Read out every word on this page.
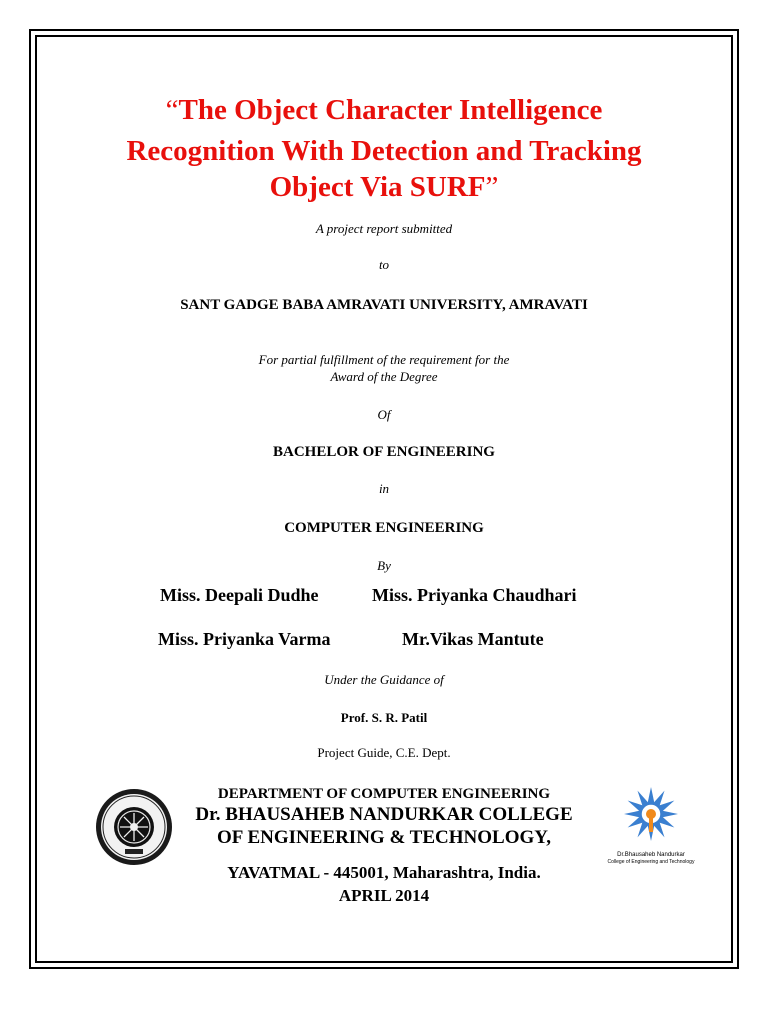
“The Object Character Intelligence
Recognition With Detection and Tracking
Object Via SURF”
A project report submitted
to
SANT GADGE BABA AMRAVATI UNIVERSITY, AMRAVATI
For partial fulfillment of the requirement for the
Award of the Degree
Of
BACHELOR OF ENGINEERING
in
COMPUTER ENGINEERING
By
Miss. Deepali Dudhe	Miss. Priyanka Chaudhari
Miss. Priyanka Varma	Mr.Vikas Mantute
Under the Guidance of
Prof. S. R. Patil
Project Guide, C.E. Dept.
DEPARTMENT OF COMPUTER ENGINEERING
Dr. BHAUSAHEB NANDURKAR COLLEGE
OF ENGINEERING & TECHNOLOGY,
YAVATMAL - 445001, Maharashtra, India.
APRIL 2014
Dr.Bhausaheb Nandurkar
College of Engineering and Technology
